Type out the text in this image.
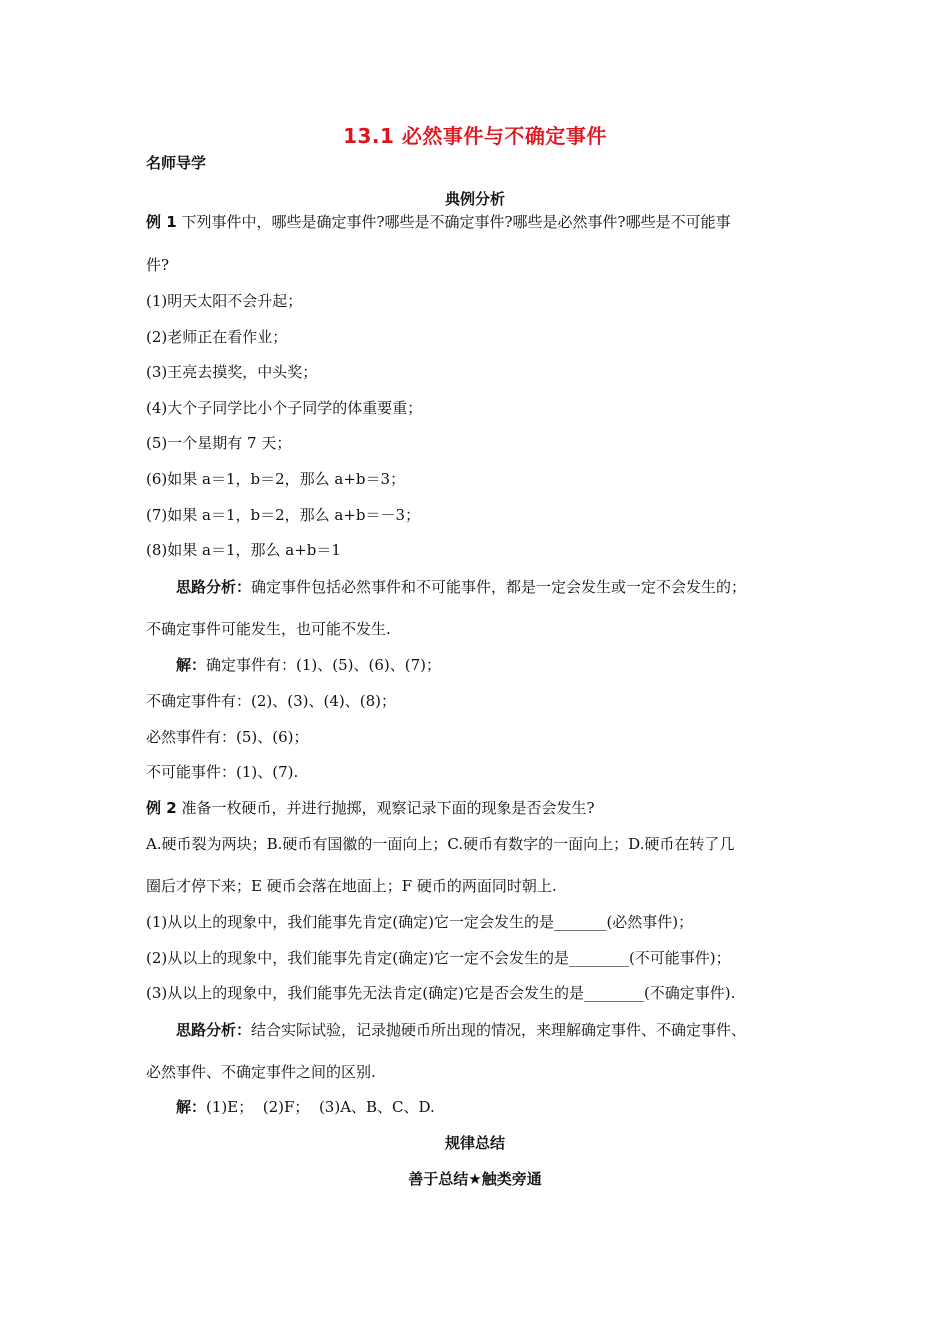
13.1 必然事件与不确定事件
名师导学
典例分析
例 1 下列事件中，哪些是确定事件?哪些是不确定事件?哪些是必然事件?哪些是不可能事
件?
(1)明天太阳不会升起；
(2)老师正在看作业；
(3)王亮去摸奖，中头奖；
(4)大个子同学比小个子同学的体重要重；
(5)一个星期有 7 天；
(6)如果 a＝1，b＝2，那么 a+b＝3；
(7)如果 a＝1，b＝2，那么 a+b＝－3；
(8)如果 a＝1，那么 a+b＝1
思路分析：确定事件包括必然事件和不可能事件，都是一定会发生或一定不会发生的；
不确定事件可能发生，也可能不发生.
解：确定事件有：(1)、(5)、(6)、(7)；
不确定事件有：(2)、(3)、(4)、(8)；
必然事件有：(5)、(6)；
不可能事件：(1)、(7).
例 2 准备一枚硬币，并进行抛掷，观察记录下面的现象是否会发生?
A.硬币裂为两块；B.硬币有国徽的一面向上；C.硬币有数字的一面向上；D.硬币在转了几
圈后才停下来；E 硬币会落在地面上；F 硬币的两面同时朝上.
(1)从以上的现象中，我们能事先肯定(确定)它一定会发生的是_______(必然事件)；
(2)从以上的现象中，我们能事先肯定(确定)它一定不会发生的是________(不可能事件)；
(3)从以上的现象中，我们能事先无法肯定(确定)它是否会发生的是________(不确定事件).
思路分析：结合实际试验，记录抛硬币所出现的情况，来理解确定事件、不确定事件、
必然事件、不确定事件之间的区别.
解：(1)E；  (2)F；  (3)A、B、C、D.
规律总结
善于总结★触类旁通
